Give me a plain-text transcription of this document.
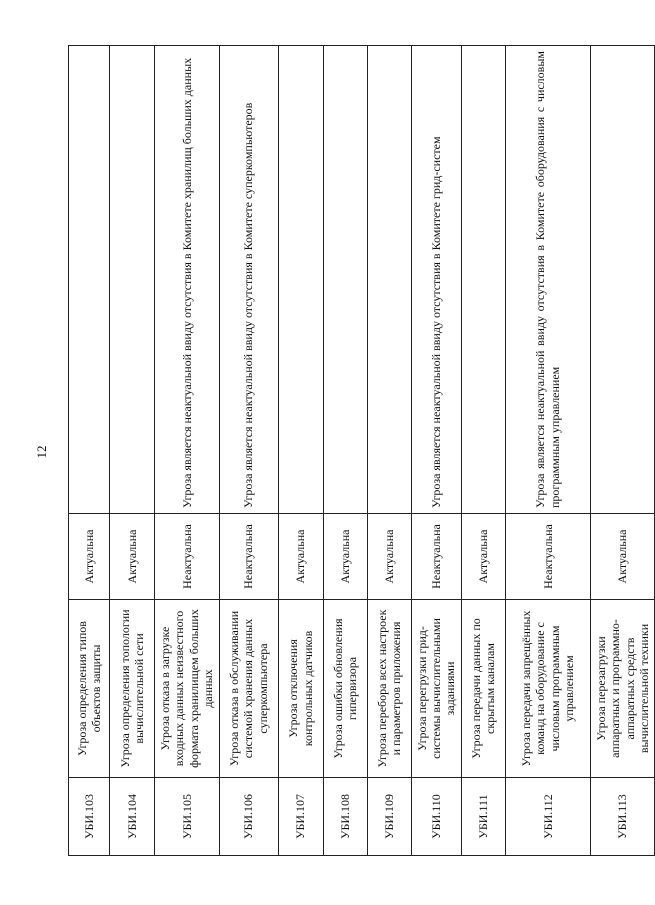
12
УБИ.103	Угроза определения типов объектов защиты	Актуальна	
УБИ.104	Угроза определения топологии вычислительной сети	Актуальна	
УБИ.105	Угроза отказа в загрузке входных данных неизвестного формата хранилищем больших данных	Неактуальна	Угроза является неактуальной ввиду отсутствия в Комитете хранилищ больших данных
УБИ.106	Угроза отказа в обслуживании системой хранения данных суперкомпьютера	Неактуальна	Угроза является неактуальной ввиду отсутствия в Комитете суперкомпьютеров
УБИ.107	Угроза отключения контрольных датчиков	Актуальна	
УБИ.108	Угроза ошибки обновления гипервизора	Актуальна	
УБИ.109	Угроза перебора всех настроек и параметров приложения	Актуальна	
УБИ.110	Угроза перегрузки грид-системы вычислительными заданиями	Неактуальна	Угроза является неактуальной ввиду отсутствия в Комитете грид-систем
УБИ.111	Угроза передачи данных по скрытым каналам	Актуальна	
УБИ.112	Угроза передачи запрещённых команд на оборудование с числовым программным управлением	Неактуальна	Угроза является неактуальной ввиду отсутствия в Комитете оборудования с числовым программным управлением
УБИ.113	Угроза перезагрузки аппаратных и программно-аппаратных средств вычислительной техники	Актуальна	
